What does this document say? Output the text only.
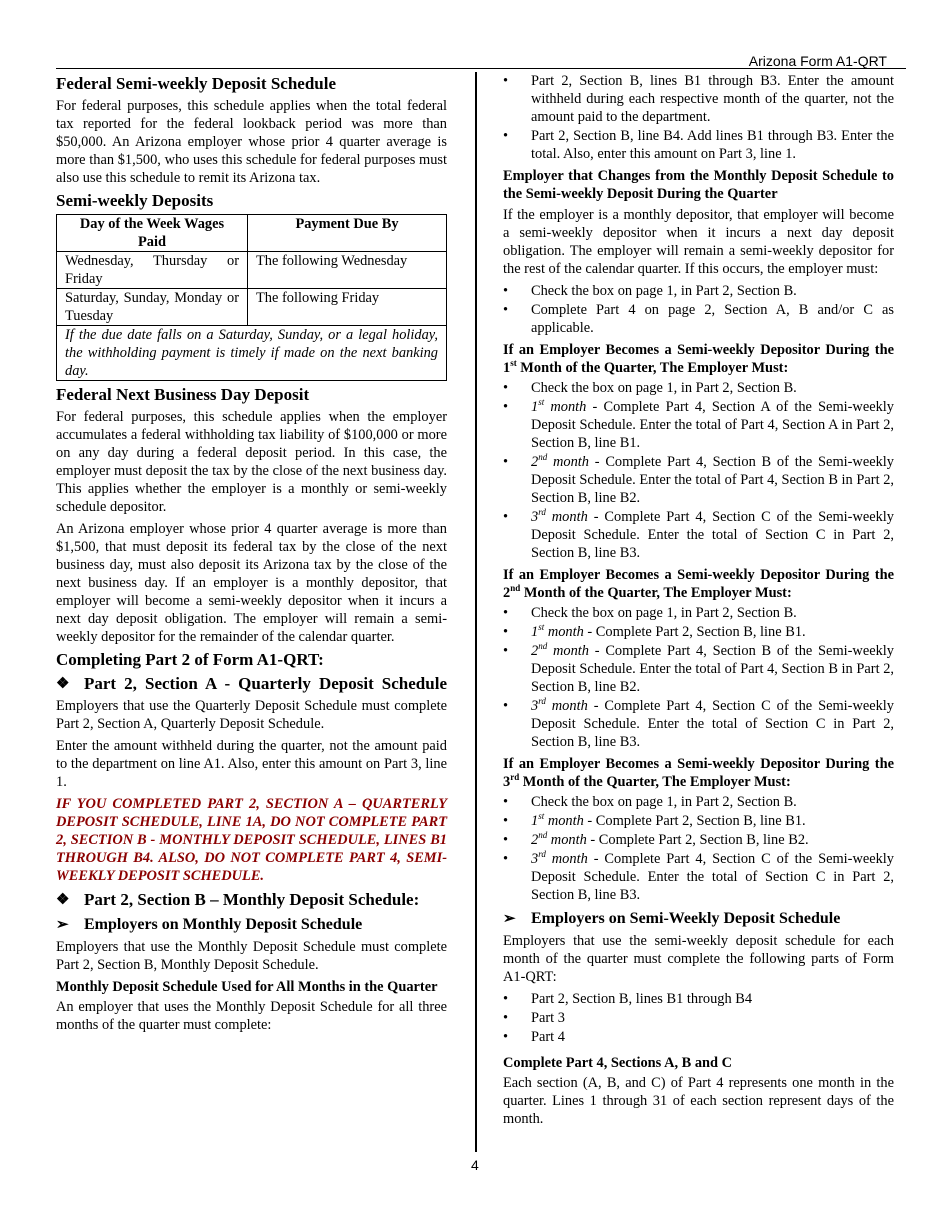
Arizona Form A1-QRT
Federal Semi-weekly Deposit Schedule

For federal purposes, this schedule applies when the total federal tax reported for the federal lookback period was more than $50,000. An Arizona employer whose prior 4 quarter average is more than $1,500, who uses this schedule for federal purposes must also use this schedule to remit its Arizona tax.

Semi-weekly Deposits
Day of the Week Wages Paid	Payment Due By
Wednesday, Thursday or Friday	The following Wednesday
Saturday, Sunday, Monday or Tuesday	The following Friday
If the due date falls on a Saturday, Sunday, or a legal holiday, the withholding payment is timely if made on the next banking day.	
Federal Next Business Day Deposit

For federal purposes, this schedule applies when the employer accumulates a federal withholding tax liability of $100,000 or more on any day during a federal deposit period. In this case, the employer must deposit the tax by the close of the next business day. This applies whether the employer is a monthly or semi-weekly schedule depositor.

An Arizona employer whose prior 4 quarter average is more than $1,500, that must deposit its federal tax by the close of the next business day, must also deposit its Arizona tax by the close of the next business day. If an employer is a monthly depositor, that employer will become a semi-weekly depositor when it incurs a next day deposit obligation. The employer will remain a semi-weekly depositor for the remainder of the calendar quarter.

Completing Part 2 of Form A1-QRT:
❖ Part 2, Section A - Quarterly Deposit Schedule

Employers that use the Quarterly Deposit Schedule must complete Part 2, Section A, Quarterly Deposit Schedule.

Enter the amount withheld during the quarter, not the amount paid to the department on line A1. Also, enter this amount on Part 3, line 1.

IF YOU COMPLETED PART 2, SECTION A – QUARTERLY DEPOSIT SCHEDULE, LINE 1A, DO NOT COMPLETE PART 2, SECTION B - MONTHLY DEPOSIT SCHEDULE, LINES B1 THROUGH B4. ALSO, DO NOT COMPLETE PART 4, SEMI-WEEKLY DEPOSIT SCHEDULE.

❖ Part 2, Section B – Monthly Deposit Schedule:
➢ Employers on Monthly Deposit Schedule

Employers that use the Monthly Deposit Schedule must complete Part 2, Section B, Monthly Deposit Schedule.

Monthly Deposit Schedule Used for All Months in the Quarter

An employer that uses the Monthly Deposit Schedule for all three months of the quarter must complete:

•	Part 2, Section B, lines B1 through B3. Enter the amount withheld during each respective month of the quarter, not the amount paid to the department.
•	Part 2, Section B, line B4. Add lines B1 through B3. Enter the total. Also, enter this amount on Part 3, line 1.
Employer that Changes from the Monthly Deposit Schedule to the Semi-weekly Deposit During the Quarter

If the employer is a monthly depositor, that employer will become a semi-weekly depositor when it incurs a next day deposit obligation. The employer will remain a semi-weekly depositor for the rest of the calendar quarter. If this occurs, the employer must:

•	Check the box on page 1, in Part 2, Section B.
•	Complete Part 4 on page 2, Section A, B and/or C as applicable.
If an Employer Becomes a Semi-weekly Depositor During the 1st Month of the Quarter, The Employer Must:
•	Check the box on page 1, in Part 2, Section B.
•	1st month - Complete Part 4, Section A of the Semi-weekly Deposit Schedule. Enter the total of Part 4, Section A in Part 2, Section B, line B1.
•	2nd month - Complete Part 4, Section B of the Semi-weekly Deposit Schedule. Enter the total of Part 4, Section B in Part 2, Section B, line B2.
•	3rd month - Complete Part 4, Section C of the Semi-weekly Deposit Schedule. Enter the total of Section C in Part 2, Section B, line B3.
If an Employer Becomes a Semi-weekly Depositor During the 2nd Month of the Quarter, The Employer Must:
•	Check the box on page 1, in Part 2, Section B.
•	1st month - Complete Part 2, Section B, line B1.
•	2nd month - Complete Part 4, Section B of the Semi-weekly Deposit Schedule. Enter the total of Part 4, Section B in Part 2, Section B, line B2.
•	3rd month - Complete Part 4, Section C of the Semi-weekly Deposit Schedule. Enter the total of Section C in Part 2, Section B, line B3.
If an Employer Becomes a Semi-weekly Depositor During the 3rd Month of the Quarter, The Employer Must:
•	Check the box on page 1, in Part 2, Section B.
•	1st month - Complete Part 2, Section B, line B1.
•	2nd month - Complete Part 2, Section B, line B2.
•	3rd month - Complete Part 4, Section C of the Semi-weekly Deposit Schedule. Enter the total of Section C in Part 2, Section B, line B3.
➢ Employers on Semi-Weekly Deposit Schedule

Employers that use the semi-weekly deposit schedule for each month of the quarter must complete the following parts of Form A1-QRT:

•	Part 2, Section B, lines B1 through B4
•	Part 3
•	Part 4
Complete Part 4, Sections A, B and C

Each section (A, B, and C) of Part 4 represents one month in the quarter. Lines 1 through 31 of each section represent days of the month.

4
